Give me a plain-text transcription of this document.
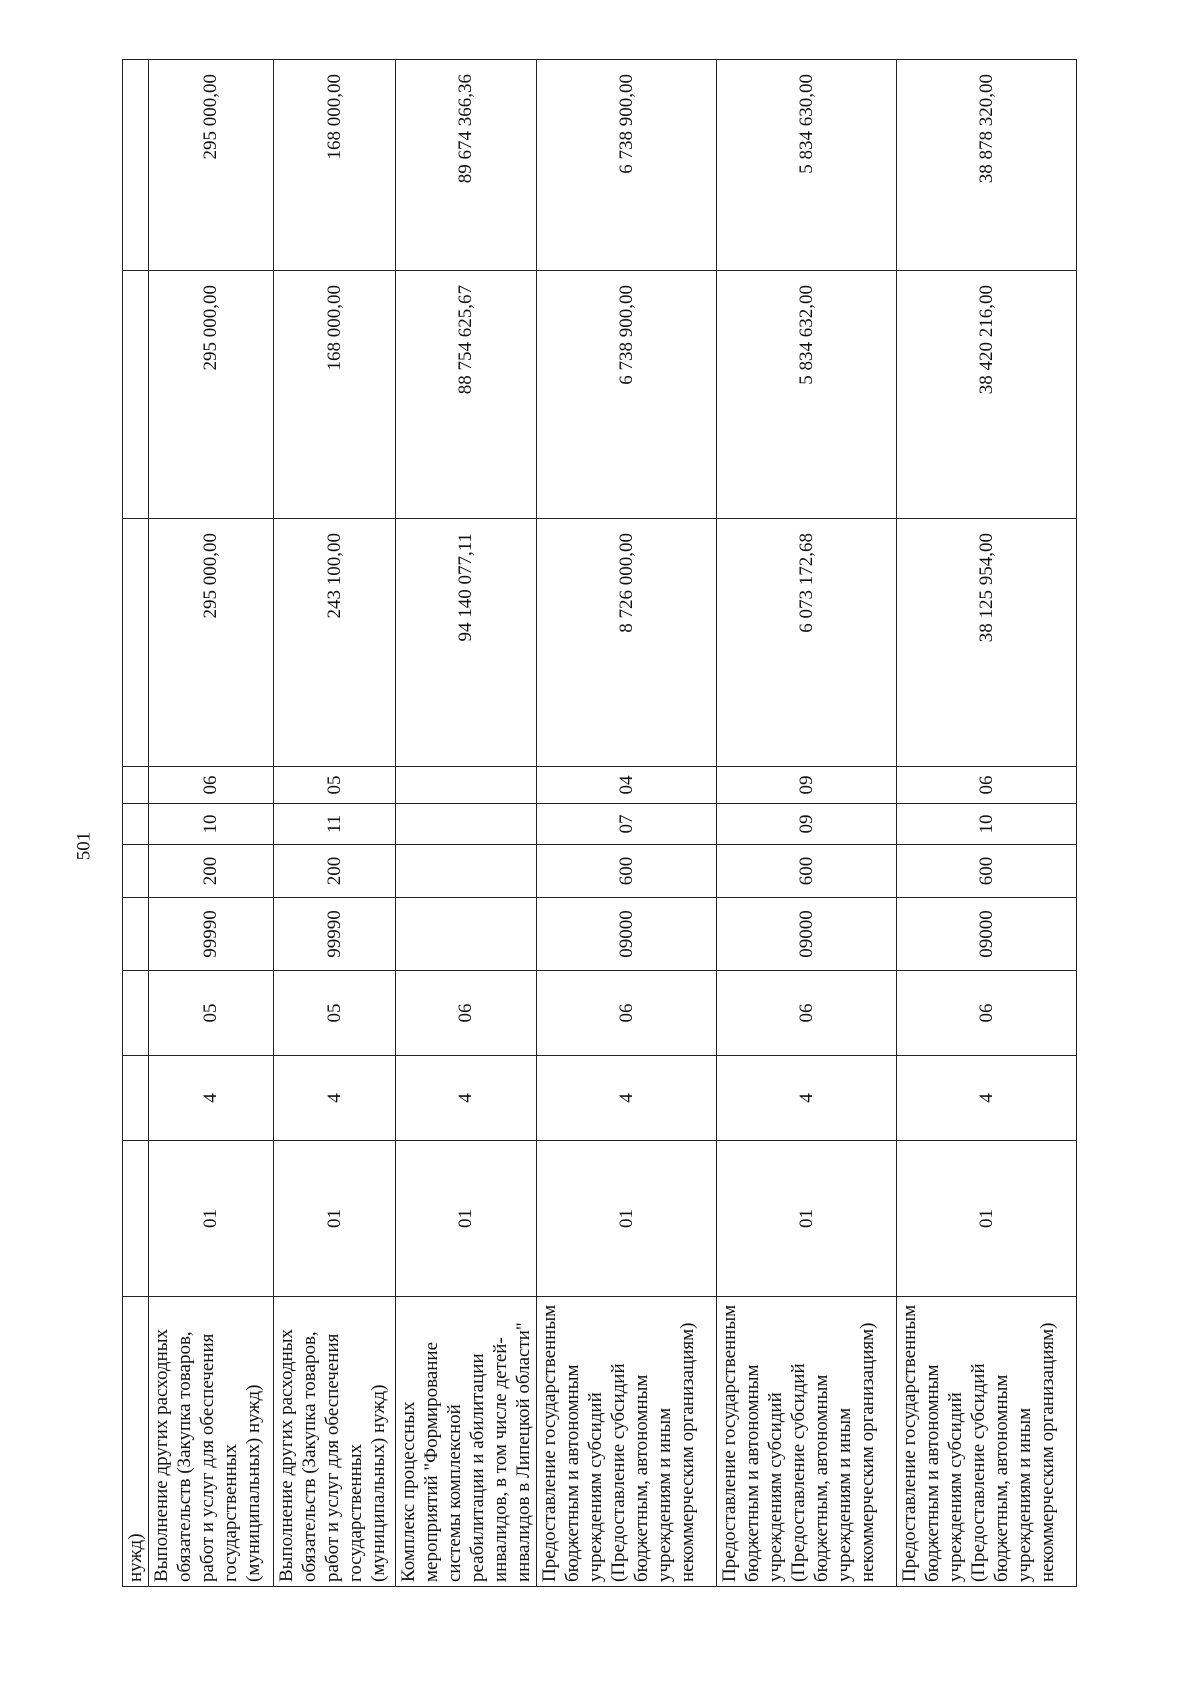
501
нужд)										
Выполнение других расходных обязательств (Закупка товаров, работ и услуг для обеспечения государственных (муниципальных) нужд)	01	4	05	99990	200	10	06	295 000,00	295 000,00	295 000,00
Выполнение других расходных обязательств (Закупка товаров, работ и услуг для обеспечения государственных (муниципальных) нужд)	01	4	05	99990	200	11	05	243 100,00	168 000,00	168 000,00
Комплекс процессных мероприятий "Формирование системы комплексной реабилитации и абилитации инвалидов, в том числе детей-инвалидов в Липецкой области"	01	4	06					94 140 077,11	88 754 625,67	89 674 366,36
Предоставление государственным бюджетным и автономным учреждениям субсидий (Предоставление субсидий бюджетным, автономным учреждениям и иным некоммерческим организациям)	01	4	06	09000	600	07	04	8 726 000,00	6 738 900,00	6 738 900,00
Предоставление государственным бюджетным и автономным учреждениям субсидий (Предоставление субсидий бюджетным, автономным учреждениям и иным некоммерческим организациям)	01	4	06	09000	600	09	09	6 073 172,68	5 834 632,00	5 834 630,00
Предоставление государственным бюджетным и автономным учреждениям субсидий (Предоставление субсидий бюджетным, автономным учреждениям и иным некоммерческим организациям)	01	4	06	09000	600	10	06	38 125 954,00	38 420 216,00	38 878 320,00
